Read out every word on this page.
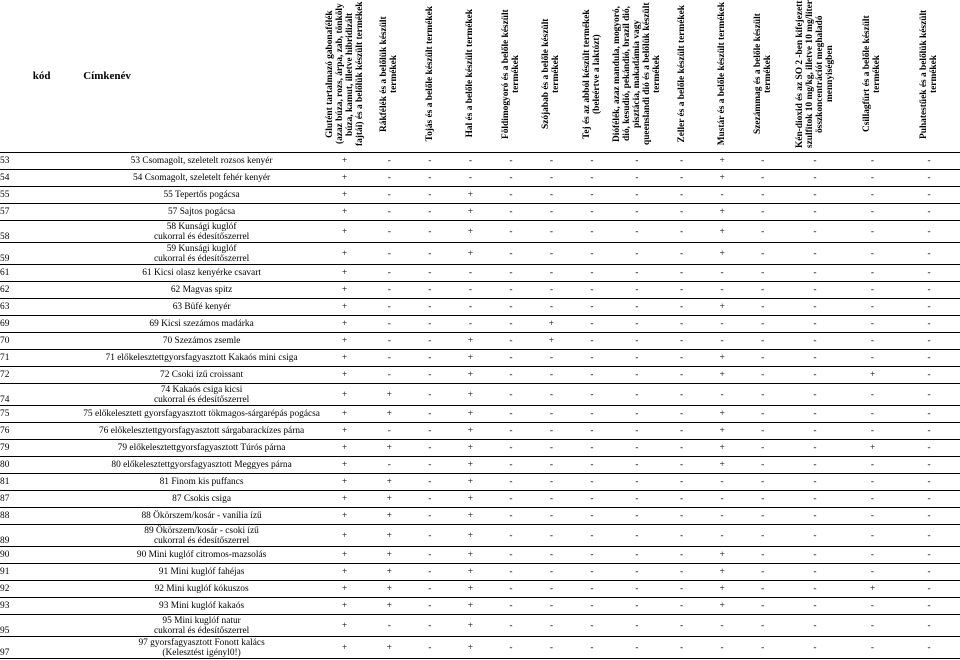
kód	Címkenév	Glutént tartalmazó gabonafélék (azaz búza, rozs, árpa, zab, tönköly búza, kamut, illetve hibridizált fajtái) és a belőlük készült termékek	Rákfélék és a belőlük készült termékek	Tojás és a belőle készült termékek	Hal és a belőle készült termékek	Földimogyoró és a belőle készült termékek	Szójabab és a belőle készült termékek	Tej és az abból készült termékek (beleértve a laktózt)	Diófélék, azaz mandula, mogyoró, dió, kesudió, pekándió, brazil dió, pisztácia, makadámia vagy queenslandi dió és a belőlük készült termékek	Zeller és a belőle készült termékek	Mustár és a belőle készült termékek	Szezámmag és a belőle készült termékek	Kén-dioxid és az SO 2 -ben kifejezett szulfitok 10 mg/kg, illetve 10 mg/liter összkoncentrációt meghaladó mennyiségben	Csillagfürt és a belőle készült termékek	Puhatestűek és a belőlük készült termékek
53	53 Csomagolt, szeletelt rozsos kenyér	+	-	-	-	-	-	-	-	-	+	-	-	-	-
54	54 Csomagolt, szeletelt fehér kenyér	+	-	-	-	-	-	-	-	-	+	-	-	-	-
55	55 Tepertős pogácsa	+	-	-	+	-	-	-	-	-	-	-	-	-	-
57	57 Sajtos pogácsa	+	-	-	+	-	-	-	-	-	+	-	-	-	-
58	58 Kunsági kuglóf
cukorral és édesítőszerrel	+	-	-	+	-	-	-	-	-	+	-	-	-	-
59	59 Kunsági kuglóf
cukorral és édesítőszerrel	+	-	-	+	-	-	-	-	-	+	-	-	-	-
61	61 Kicsi olasz kenyérke csavart	+	-	-	-	-	-	-	-	-	-	-	-	-	-
62	62 Magvas spitz	+	-	-	-	-	-	-	-	-	-	-	-	-	-
63	63 Büfé kenyér	+	-	-	-	-	-	-	-	-	+	-	-	-	-
69	69 Kicsi szezámos madárka	+	-	-	-	-	+	-	-	-	-	-	-	-	-
70	70 Szezámos zsemle	+	-	-	+	-	+	-	-	-	-	-	-	-	-
71	71 előkelesztettgyorsfagyasztott Kakaós mini csiga	+	-	-	+	-	-	-	-	-	+	-	-	-	-
72	72 Csoki ízű croissant	+	-	-	+	-	-	-	-	-	+	-	-	+	-
74	74 Kakaós csiga kicsi
cukorral és édesítőszerrel	+	+	-	+	-	-	-	-	-	-	-	-	-	-
75	75 előkelesztett gyorsfagyasztott tökmagos-sárgarépás pogácsa	+	+	-	+	-	-	-	-	-	+	-	-	-	-
76	76 előkelesztettgyorsfagyasztott sárgabarackízes párna	+	-	-	+	-	-	-	-	-	+	-	-	-	-
79	79 előkelesztettgyorsfagyasztott Túrós párna	+	+	-	+	-	-	-	-	-	+	-	-	+	-
80	80 előkelesztettgyorsfagyasztott Meggyes párna	+	-	-	+	-	-	-	-	-	+	-	-	-	-
81	81 Finom kis puffancs	+	+	-	+	-	-	-	-	-	-	-	-	-	-
87	87 Csokis csiga	+	+	-	+	-	-	-	-	-	-	-	-	-	-
88	88 Ökörszem/kosár - vanília ízű	+	+	-	+	-	-	-	-	-	-	-	-	-	-
89	89 Ökörszem/kosár - csoki ízű
cukorral és édesítőszerrel	+	+	-	+	-	-	-	-	-	-	-	-	-	-
90	90 Mini kuglóf citromos-mazsolás	+	+	-	+	-	-	-	-	-	+	-	-	-	-
91	91 Mini kuglóf fahéjas	+	+	-	+	-	-	-	-	-	+	-	-	-	-
92	92 Mini kuglóf kókuszos	+	+	-	+	-	-	-	-	-	+	-	-	+	-
93	93 Mini kuglóf kakaós	+	+	-	+	-	-	-	-	-	+	-	-	-	-
95	95 Mini kuglóf natur
cukorral és édesítőszerrel	+	-	-	+	-	-	-	-	-	-	-	-	-	-
97	97 gyorsfagyasztott Fonott kalács
(Kelesztést igényl0!)	+	+	-	+	-	-	-	-	-	-	-	-	-	-
